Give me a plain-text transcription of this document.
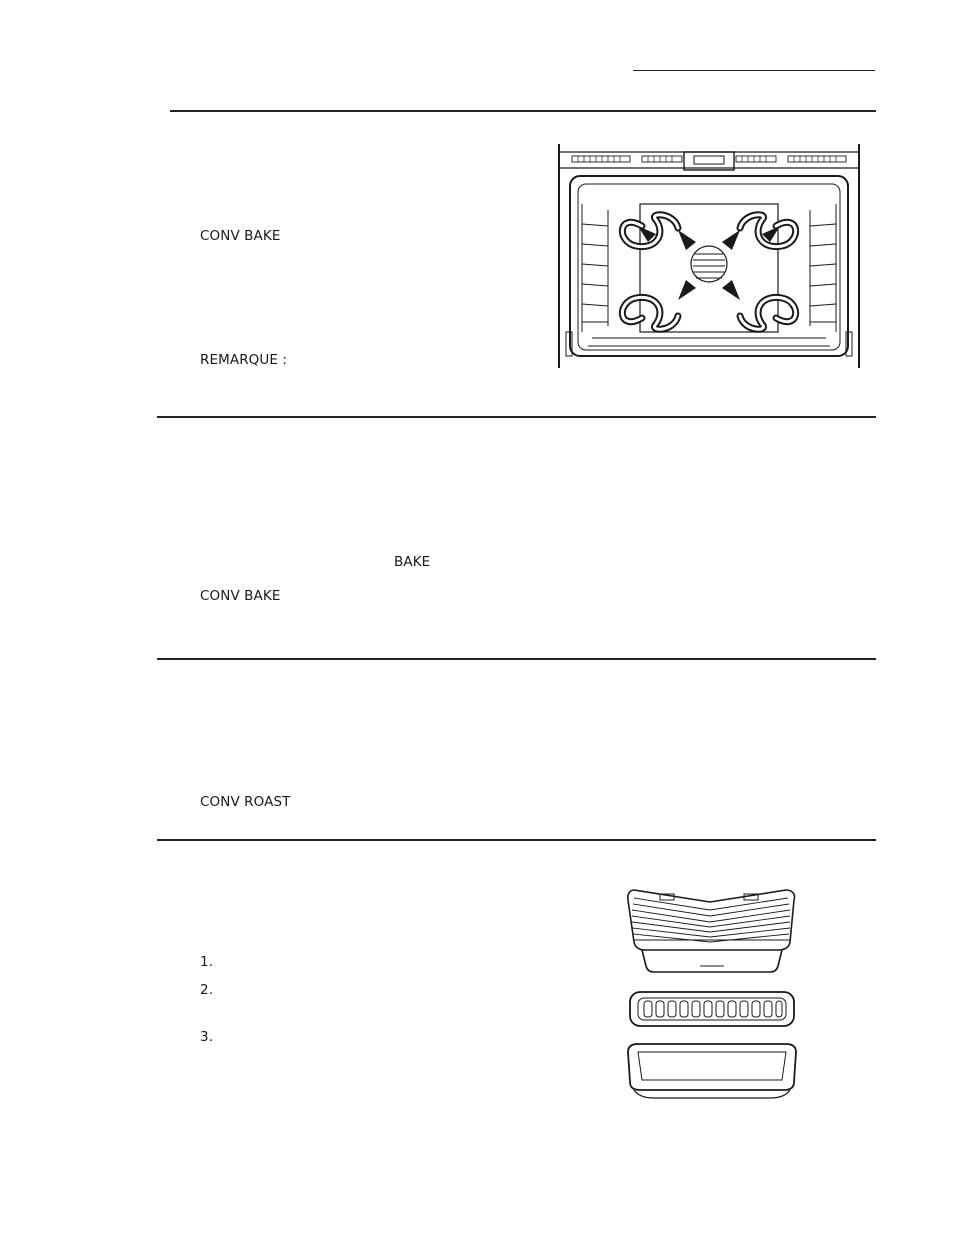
CONV BAKE
REMARQUE :
BAKE
CONV BAKE
CONV ROAST
1.
2.
3.
